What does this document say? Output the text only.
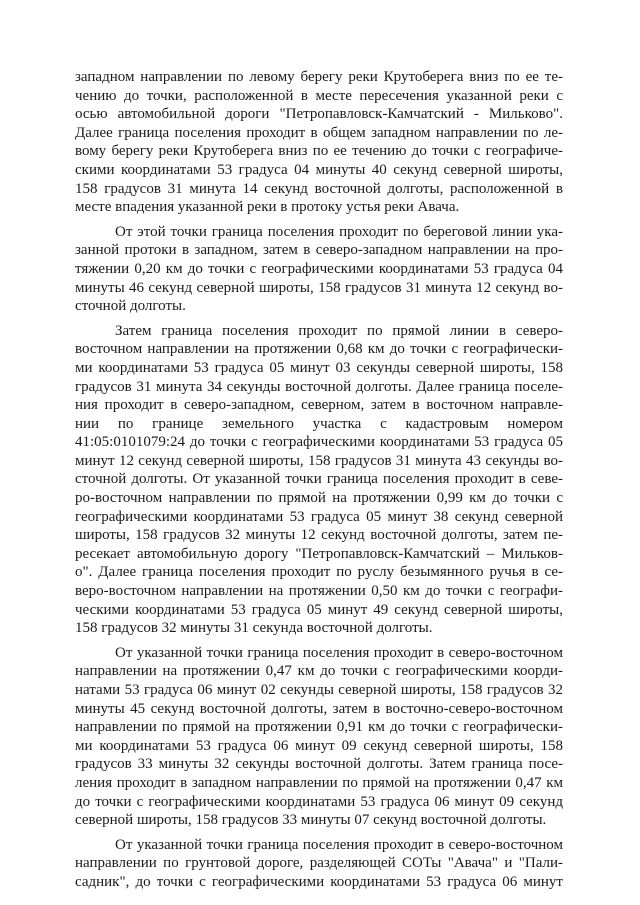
западном направлении по левому берегу реки Крутоберега вниз по ее те-
чению до точки, расположенной в месте пересечения указанной реки с
осью автомобильной дороги "Петропавловск-Камчатский - Мильково".
Далее граница поселения проходит в общем западном направлении по ле-
вому берегу реки Крутоберега вниз по ее течению до точки с географиче-
скими координатами 53 градуса 04 минуты 40 секунд северной широты,
158 градусов 31 минута 14 секунд восточной долготы, расположенной в
месте впадения указанной реки в протоку устья реки Авача.
От этой точки граница поселения проходит по береговой линии ука-
занной протоки в западном, затем в северо-западном направлении на про-
тяжении 0,20 км до точки с географическими координатами 53 градуса 04
минуты 46 секунд северной широты, 158 градусов 31 минута 12 секунд во-
сточной долготы.
Затем граница поселения проходит по прямой линии в северо-
восточном направлении на протяжении 0,68 км до точки с географически-
ми координатами 53 градуса 05 минут 03 секунды северной широты, 158
градусов 31 минута 34 секунды восточной долготы. Далее граница поселе-
ния проходит в северо-западном, северном, затем в восточном направле-
нии по границе земельного участка с кадастровым номером
41:05:0101079:24 до точки с географическими координатами 53 градуса 05
минут 12 секунд северной широты, 158 градусов 31 минута 43 секунды во-
сточной долготы. От указанной точки граница поселения проходит в севе-
ро-восточном направлении по прямой на протяжении 0,99 км до точки с
географическими координатами 53 градуса 05 минут 38 секунд северной
широты, 158 градусов 32 минуты 12 секунд восточной долготы, затем пе-
ресекает автомобильную дорогу "Петропавловск-Камчатский – Мильков-
о". Далее граница поселения проходит по руслу безымянного ручья в се-
веро-восточном направлении на протяжении 0,50 км до точки с географи-
ческими координатами 53 градуса 05 минут 49 секунд северной широты,
158 градусов 32 минуты 31 секунда восточной долготы.
От указанной точки граница поселения проходит в северо-восточном
направлении на протяжении 0,47 км до точки с географическими коорди-
натами 53 градуса 06 минут 02 секунды северной широты, 158 градусов 32
минуты 45 секунд восточной долготы, затем в восточно-северо-восточном
направлении по прямой на протяжении 0,91 км до точки с географически-
ми координатами 53 градуса 06 минут 09 секунд северной широты, 158
градусов 33 минуты 32 секунды восточной долготы. Затем граница посе-
ления проходит в западном направлении по прямой на протяжении 0,47 км
до точки с географическими координатами 53 градуса 06 минут 09 секунд
северной широты, 158 градусов 33 минуты 07 секунд восточной долготы.
От указанной точки граница поселения проходит в северо-восточном
направлении по грунтовой дороге, разделяющей СОТы "Авача" и "Пали-
садник", до точки с географическими координатами 53 градуса 06 минут
